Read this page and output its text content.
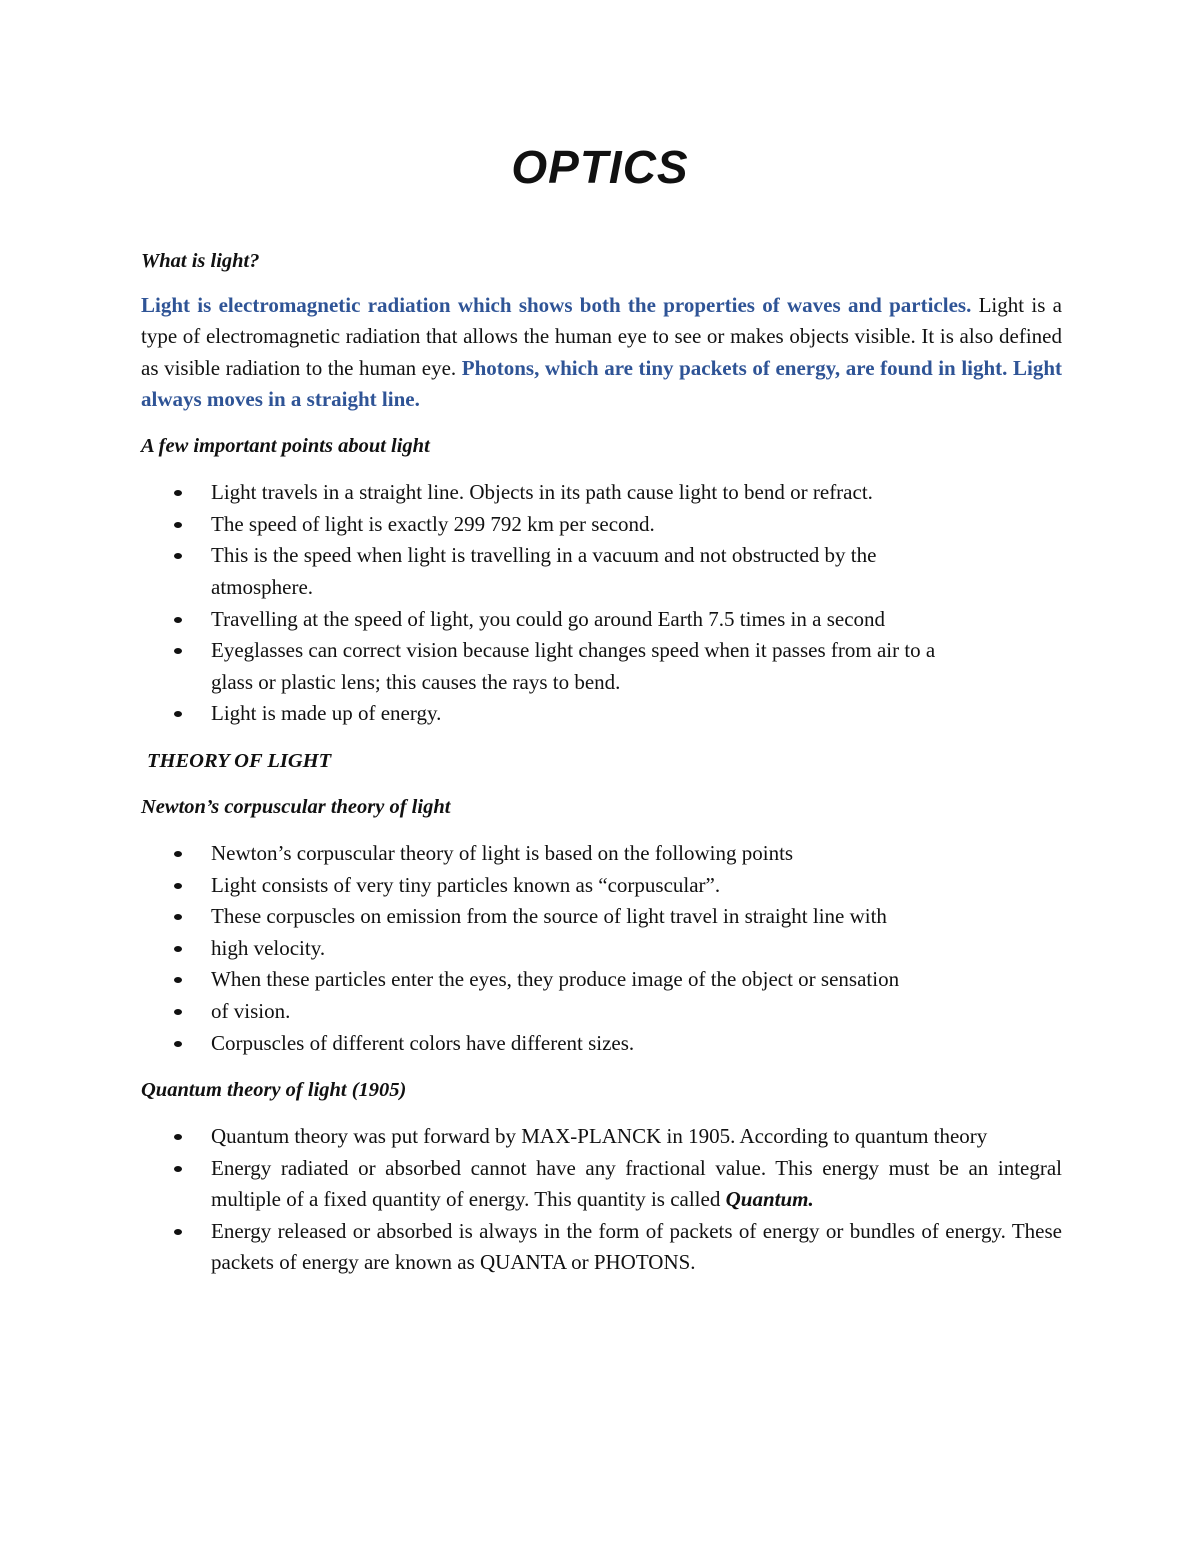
OPTICS

What is light?

Light is electromagnetic radiation which shows both the properties of waves and particles. Light is a type of electromagnetic radiation that allows the human eye to see or makes objects visible. It is also defined as visible radiation to the human eye. Photons, which are tiny packets of energy, are found in light. Light always moves in a straight line.

A few important points about light

Light travels in a straight line. Objects in its path cause light to bend or refract.
The speed of light is exactly 299 792 km per second.
This is the speed when light is travelling in a vacuum and not obstructed by the atmosphere.
Travelling at the speed of light, you could go around Earth 7.5 times in a second
Eyeglasses can correct vision because light changes speed when it passes from air to a glass or plastic lens; this causes the rays to bend.
Light is made up of energy.

THEORY OF LIGHT

Newton’s corpuscular theory of light

Newton’s corpuscular theory of light is based on the following points
Light consists of very tiny particles known as “corpuscular”.
These corpuscles on emission from the source of light travel in straight line with
high velocity.
When these particles enter the eyes, they produce image of the object or sensation
of vision.
Corpuscles of different colors have different sizes.

Quantum theory of light (1905)

Quantum theory was put forward by MAX-PLANCK in 1905. According to quantum theory
Energy radiated or absorbed cannot have any fractional value. This energy must be an integral multiple of a fixed quantity of energy. This quantity is called Quantum.
Energy released or absorbed is always in the form of packets of energy or bundles of energy. These packets of energy are known as QUANTA or PHOTONS.
